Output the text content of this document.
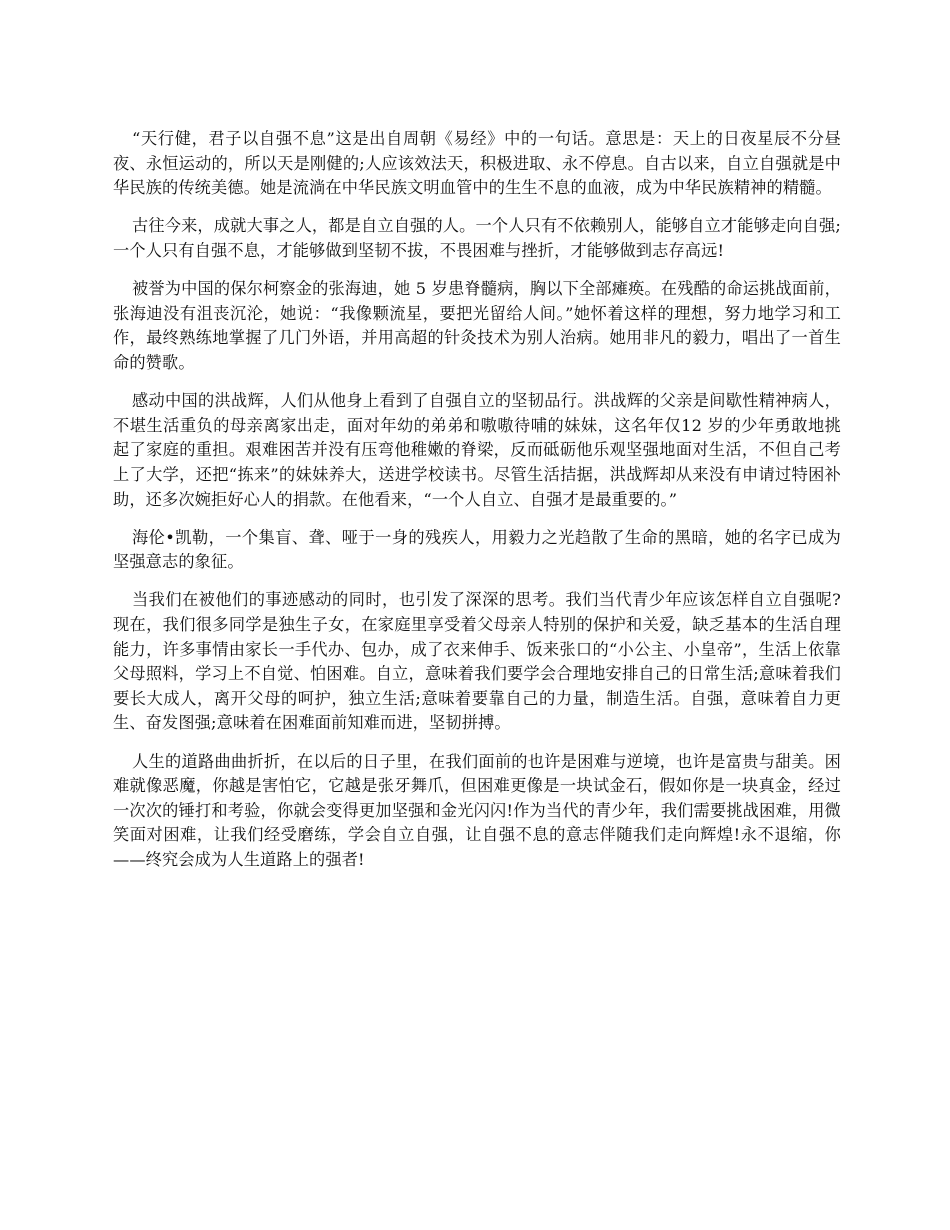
“天行健，君子以自强不息”这是出自周朝《易经》中的一句话。意思是：天上的日夜星辰不分昼夜、永恒运动的，所以天是刚健的;人应该效法天，积极进取、永不停息。自古以来，自立自强就是中华民族的传统美德。她是流淌在中华民族文明血管中的生生不息的血液，成为中华民族精神的精髓。

古往今来，成就大事之人，都是自立自强的人。一个人只有不依赖别人，能够自立才能够走向自强;一个人只有自强不息，才能够做到坚韧不拔，不畏困难与挫折，才能够做到志存高远!

被誉为中国的保尔柯察金的张海迪，她 5 岁患脊髓病，胸以下全部瘫痪。在残酷的命运挑战面前，张海迪没有沮丧沉沦，她说：“我像颗流星，要把光留给人间。”她怀着这样的理想，努力地学习和工作，最终熟练地掌握了几门外语，并用高超的针灸技术为别人治病。她用非凡的毅力，唱出了一首生命的赞歌。

感动中国的洪战辉，人们从他身上看到了自强自立的坚韧品行。洪战辉的父亲是间歇性精神病人，不堪生活重负的母亲离家出走，面对年幼的弟弟和嗷嗷待哺的妹妹，这名年仅12 岁的少年勇敢地挑起了家庭的重担。艰难困苦并没有压弯他稚嫩的脊梁，反而砥砺他乐观坚强地面对生活，不但自己考上了大学，还把“拣来”的妹妹养大，送进学校读书。尽管生活拮据，洪战辉却从来没有申请过特困补助，还多次婉拒好心人的捐款。在他看来，“一个人自立、自强才是最重要的。”

海伦•凯勒，一个集盲、聋、哑于一身的残疾人，用毅力之光趋散了生命的黑暗，她的名字已成为坚强意志的象征。

当我们在被他们的事迹感动的同时，也引发了深深的思考。我们当代青少年应该怎样自立自强呢?现在，我们很多同学是独生子女，在家庭里享受着父母亲人特别的保护和关爱，缺乏基本的生活自理能力，许多事情由家长一手代办、包办，成了衣来伸手、饭来张口的“小公主、小皇帝”，生活上依靠父母照料，学习上不自觉、怕困难。自立，意味着我们要学会合理地安排自己的日常生活;意味着我们要长大成人，离开父母的呵护，独立生活;意味着要靠自己的力量，制造生活。自强，意味着自力更生、奋发图强;意味着在困难面前知难而进，坚韧拼搏。

人生的道路曲曲折折，在以后的日子里，在我们面前的也许是困难与逆境，也许是富贵与甜美。困难就像恶魔，你越是害怕它，它越是张牙舞爪，但困难更像是一块试金石，假如你是一块真金，经过一次次的锤打和考验，你就会变得更加坚强和金光闪闪!作为当代的青少年，我们需要挑战困难，用微笑面对困难，让我们经受磨练，学会自立自强，让自强不息的意志伴随我们走向辉煌!永不退缩，你——终究会成为人生道路上的强者!
